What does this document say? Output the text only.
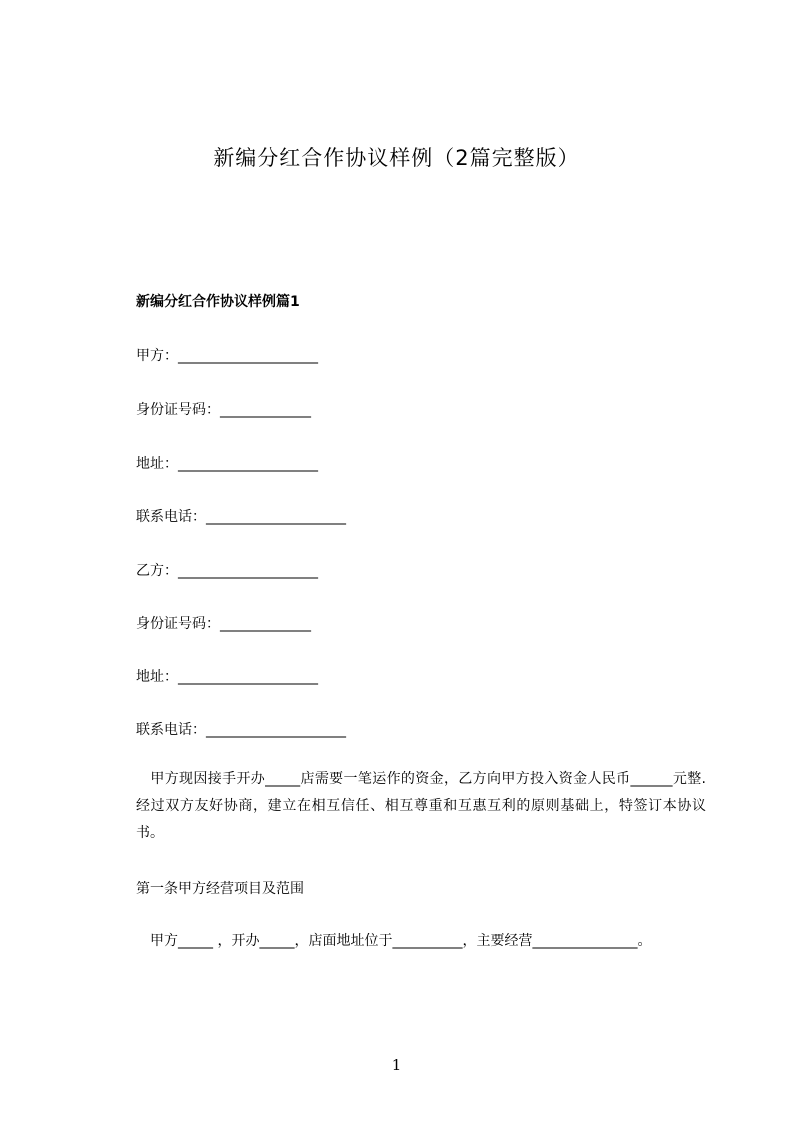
新编分红合作协议样例（2篇完整版）
新编分红合作协议样例篇1
甲方：____________________
身份证号码：_____________
地址：____________________
联系电话：____________________
乙方：____________________
身份证号码：_____________
地址：____________________
联系电话：____________________
　甲方现因接手开办_____店需要一笔运作的资金，乙方向甲方投入资金人民币______元整.经过双方友好协商，建立在相互信任、相互尊重和互惠互利的原则基础上，特签订本协议书。
第一条甲方经营项目及范围
　甲方_____ ，开办_____，店面地址位于__________，主要经营_______________。
1
